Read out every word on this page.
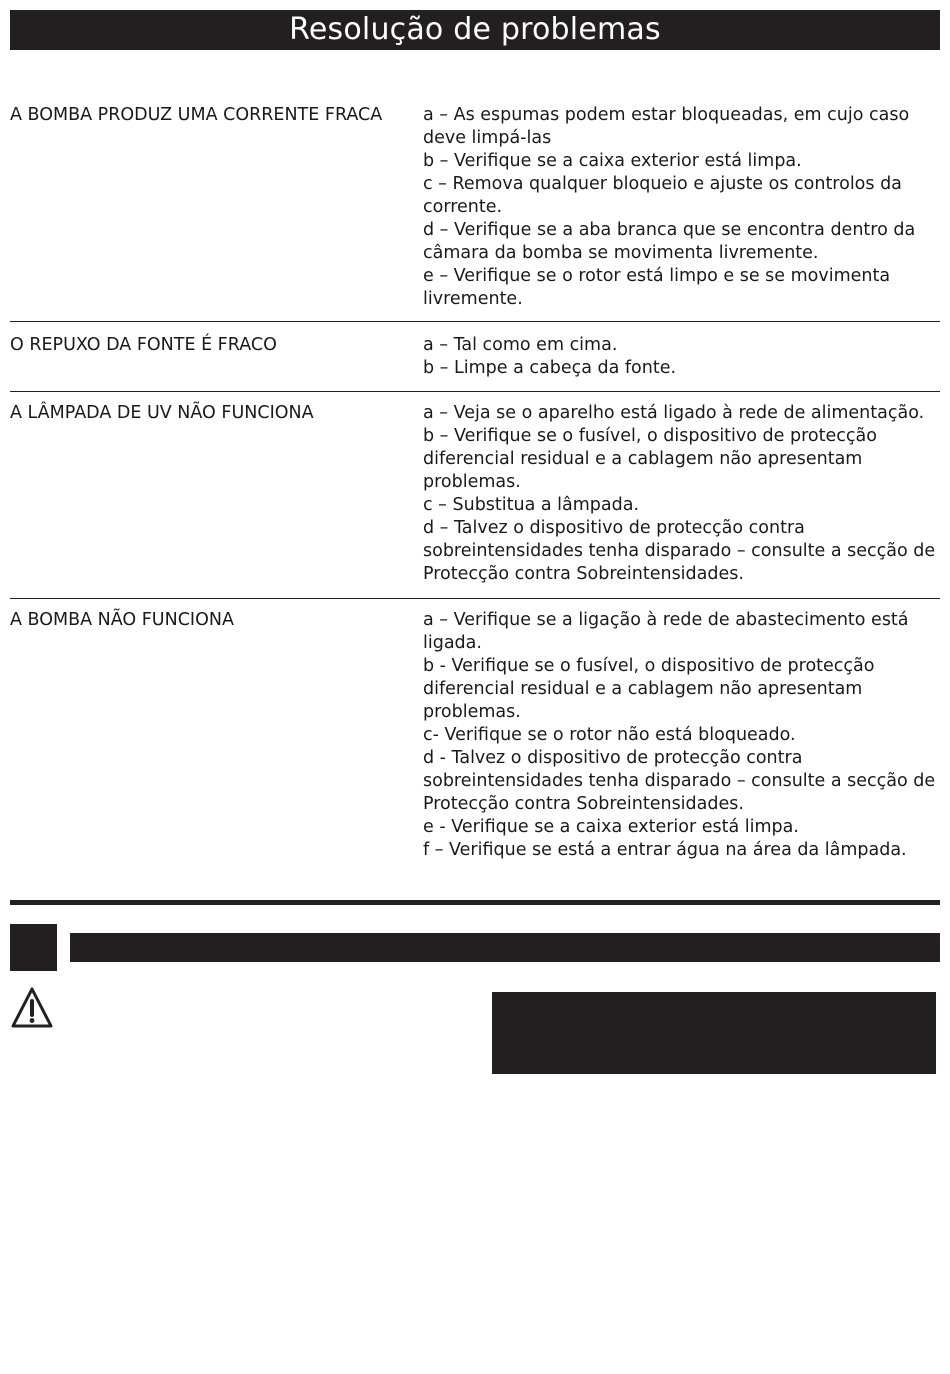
Resolução de problemas
A BOMBA PRODUZ UMA CORRENTE FRACA	a – As espumas podem estar bloqueadas, em cujo caso deve limpá-las
b – Verifique se a caixa exterior está limpa.
c – Remova qualquer bloqueio e ajuste os controlos da corrente.
d – Verifique se a aba branca que se encontra dentro da câmara da bomba se movimenta livremente.
e – Verifique se o rotor está limpo e se se movimenta livremente.
O REPUXO DA FONTE É FRACO	a – Tal como em cima.
b – Limpe a cabeça da fonte.
A LÂMPADA DE UV NÃO FUNCIONA	a – Veja se o aparelho está ligado à rede de alimentação.
b – Verifique se o fusível, o dispositivo de protecção diferencial residual e a cablagem não apresentam problemas.
c – Substitua a lâmpada.
d – Talvez o dispositivo de protecção contra sobreintensidades tenha disparado – consulte a secção de Protecção contra Sobreintensidades.
A BOMBA NÃO FUNCIONA	a – Verifique se a ligação à rede de abastecimento está ligada.
b - Verifique se o fusível, o dispositivo de protecção diferencial residual e a cablagem não apresentam problemas.
c- Verifique se o rotor não está bloqueado.
d - Talvez o dispositivo de protecção contra sobreintensidades tenha disparado – consulte a secção de Protecção contra Sobreintensidades.
e - Verifique se a caixa exterior está limpa.
f – Verifique se está a entrar água na área da lâmpada.
